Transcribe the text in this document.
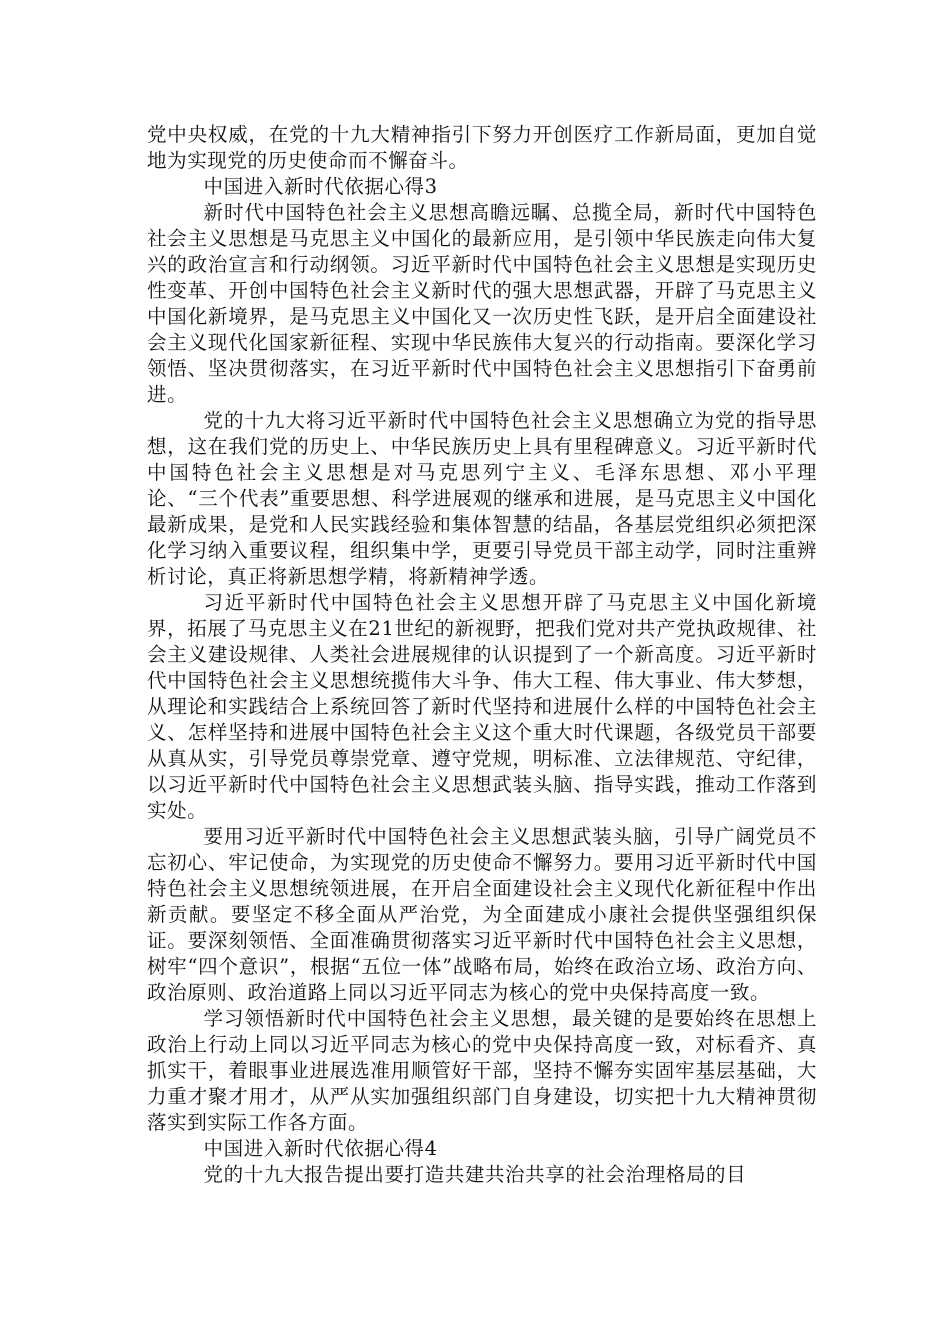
党中央权威，在党的十九大精神指引下努力开创医疗工作新局面，更加自觉地为实现党的历史使命而不懈奋斗。

中国进入新时代依据心得3

新时代中国特色社会主义思想高瞻远瞩、总揽全局，新时代中国特色社会主义思想是马克思主义中国化的最新应用，是引领中华民族走向伟大复兴的政治宣言和行动纲领。习近平新时代中国特色社会主义思想是实现历史性变革、开创中国特色社会主义新时代的强大思想武器，开辟了马克思主义中国化新境界，是马克思主义中国化又一次历史性飞跃，是开启全面建设社会主义现代化国家新征程、实现中华民族伟大复兴的行动指南。要深化学习领悟、坚决贯彻落实，在习近平新时代中国特色社会主义思想指引下奋勇前进。

党的十九大将习近平新时代中国特色社会主义思想确立为党的指导思想，这在我们党的历史上、中华民族历史上具有里程碑意义。习近平新时代中国特色社会主义思想是对马克思列宁主义、毛泽东思想、邓小平理论、“三个代表”重要思想、科学进展观的继承和进展，是马克思主义中国化最新成果，是党和人民实践经验和集体智慧的结晶，各基层党组织必须把深化学习纳入重要议程，组织集中学，更要引导党员干部主动学，同时注重辨析讨论，真正将新思想学精，将新精神学透。

习近平新时代中国特色社会主义思想开辟了马克思主义中国化新境界，拓展了马克思主义在21世纪的新视野，把我们党对共产党执政规律、社会主义建设规律、人类社会进展规律的认识提到了一个新高度。习近平新时代中国特色社会主义思想统揽伟大斗争、伟大工程、伟大事业、伟大梦想，从理论和实践结合上系统回答了新时代坚持和进展什么样的中国特色社会主义、怎样坚持和进展中国特色社会主义这个重大时代课题，各级党员干部要从真从实，引导党员尊崇党章、遵守党规，明标准、立法律规范、守纪律，以习近平新时代中国特色社会主义思想武装头脑、指导实践，推动工作落到实处。

要用习近平新时代中国特色社会主义思想武装头脑，引导广阔党员不忘初心、牢记使命，为实现党的历史使命不懈努力。要用习近平新时代中国特色社会主义思想统领进展，在开启全面建设社会主义现代化新征程中作出新贡献。要坚定不移全面从严治党，为全面建成小康社会提供坚强组织保证。要深刻领悟、全面准确贯彻落实习近平新时代中国特色社会主义思想，树牢“四个意识”，根据“五位一体”战略布局，始终在政治立场、政治方向、政治原则、政治道路上同以习近平同志为核心的党中央保持高度一致。

学习领悟新时代中国特色社会主义思想，最关键的是要始终在思想上政治上行动上同以习近平同志为核心的党中央保持高度一致，对标看齐、真抓实干，着眼事业进展选准用顺管好干部，坚持不懈夯实固牢基层基础，大力重才聚才用才，从严从实加强组织部门自身建设，切实把十九大精神贯彻落实到实际工作各方面。

中国进入新时代依据心得4

党的十九大报告提出要打造共建共治共享的社会治理格局的目
